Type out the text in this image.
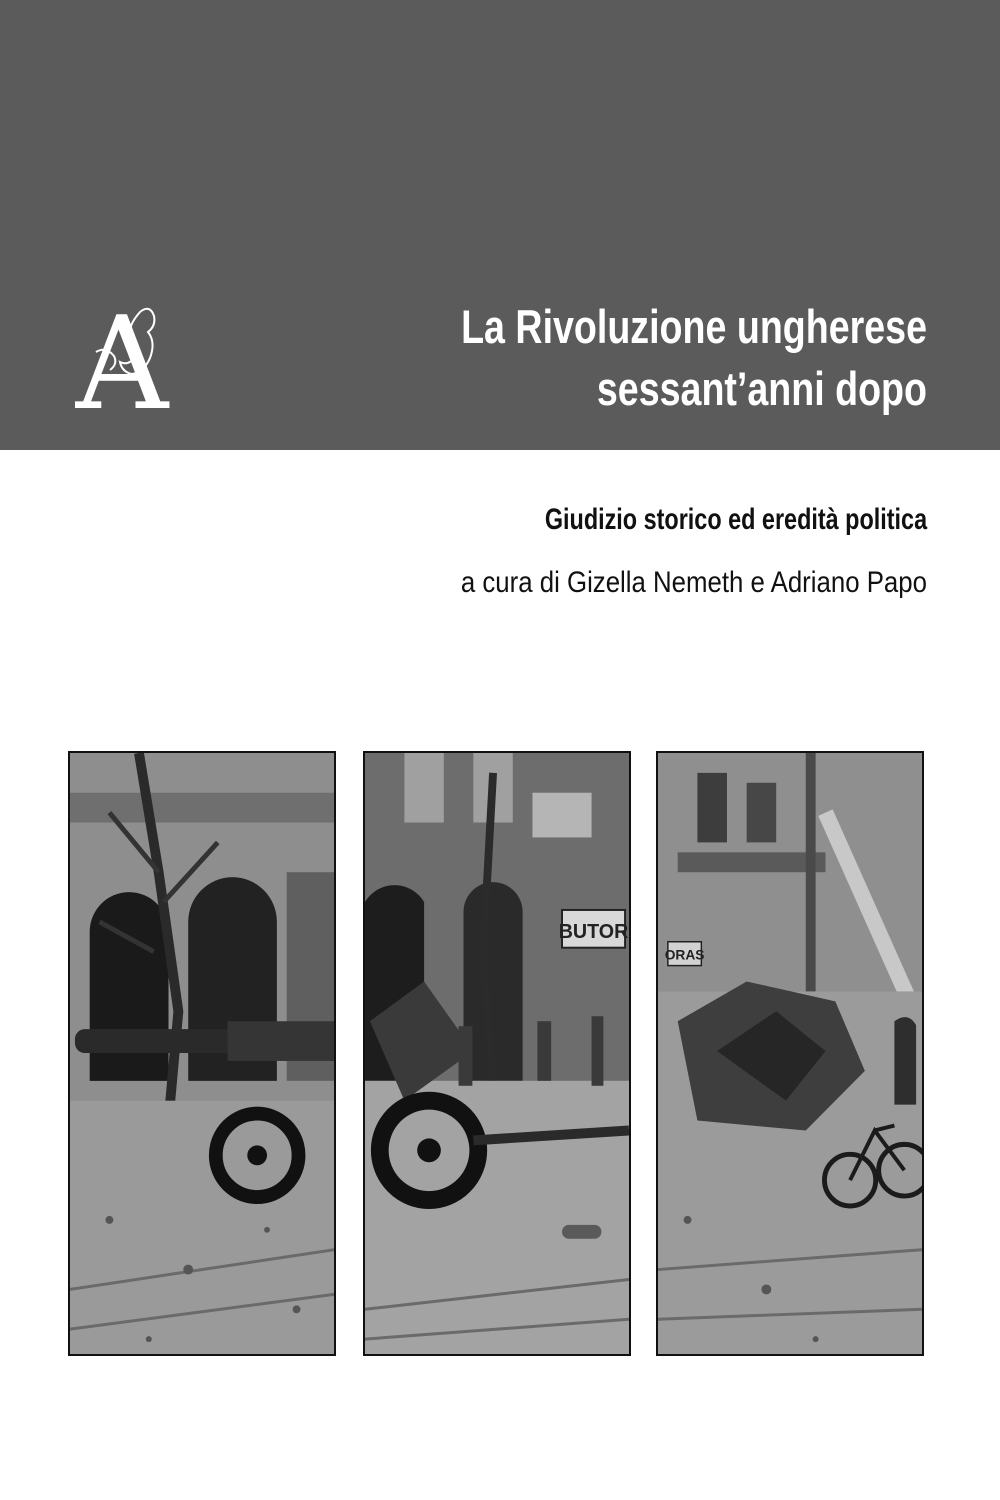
A	La Rivoluzione ungherese
sessant’anni dopo
Giudizio storico ed eredità politica
a cura di Gizella Nemeth e Adriano Papo
BUTOR
ORAS
